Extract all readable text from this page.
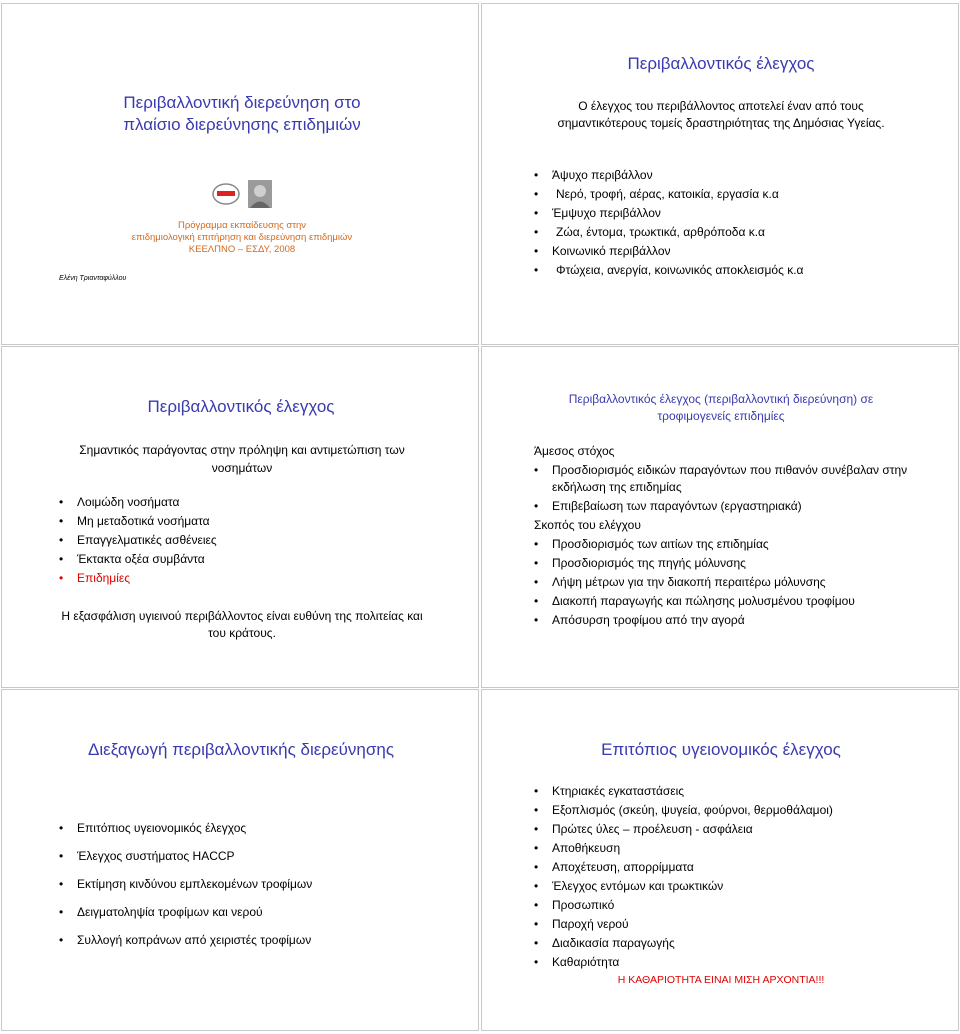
Περιβαλλοντική διερεύνηση στο πλαίσιο διερεύνησης επιδημιών
Πρόγραμμα εκπαίδευσης στην
επιδημιολογική επιτήρηση και διερεύνηση επιδημιών
ΚΕΕΛΠΝΟ – ΕΣΔΥ, 2008
Ελένη Τριανταφύλλου
Περιβαλλοντικός έλεγχος
Ο έλεγχος του περιβάλλοντος αποτελεί έναν από τους σημαντικότερους τομείς δραστηριότητας της Δημόσιας Υγείας.
• Άψυχο περιβάλλον
• Νερό, τροφή, αέρας, κατοικία, εργασία κ.α
• Έμψυχο περιβάλλον
• Ζώα, έντομα, τρωκτικά, αρθρόποδα κ.α
• Κοινωνικό περιβάλλον
• Φτώχεια, ανεργία, κοινωνικός αποκλεισμός κ.α
Περιβαλλοντικός έλεγχος
Σημαντικός παράγοντας στην πρόληψη και αντιμετώπιση των νοσημάτων
• Λοιμώδη νοσήματα
• Μη μεταδοτικά νοσήματα
• Επαγγελματικές ασθένειες
• Έκτακτα οξέα συμβάντα
• Επιδημίες
Η εξασφάλιση υγιεινού περιβάλλοντος είναι ευθύνη της πολιτείας και του κράτους.
Περιβαλλοντικός έλεγχος (περιβαλλοντική διερεύνηση) σε τροφιμογενείς επιδημίες
Άμεσος στόχος
• Προσδιορισμός ειδικών παραγόντων που πιθανόν συνέβαλαν στην εκδήλωση της επιδημίας
• Επιβεβαίωση των παραγόντων (εργαστηριακά)
Σκοπός του ελέγχου
• Προσδιορισμός των αιτίων της επιδημίας
• Προσδιορισμός της πηγής μόλυνσης
• Λήψη μέτρων για την διακοπή περαιτέρω μόλυνσης
• Διακοπή παραγωγής και πώλησης μολυσμένου τροφίμου
• Απόσυρση τροφίμου από την αγορά
Διεξαγωγή περιβαλλοντικής διερεύνησης
• Επιτόπιος υγειονομικός έλεγχος
• Έλεγχος συστήματος HACCP
• Εκτίμηση κινδύνου εμπλεκομένων τροφίμων
• Δειγματοληψία τροφίμων και νερού
• Συλλογή κοπράνων από χειριστές τροφίμων
Επιτόπιος υγειονομικός έλεγχος
• Κτηριακές εγκαταστάσεις
• Εξοπλισμός (σκεύη, ψυγεία, φούρνοι, θερμοθάλαμοι)
• Πρώτες ύλες – προέλευση - ασφάλεια
• Αποθήκευση
• Αποχέτευση, απορρίμματα
• Έλεγχος εντόμων και τρωκτικών
• Προσωπικό
• Παροχή νερού
• Διαδικασία παραγωγής
• Καθαριότητα
Η ΚΑΘΑΡΙΟΤΗΤΑ ΕΙΝΑΙ ΜΙΣΗ ΑΡΧΟΝΤΙΑ!!!
